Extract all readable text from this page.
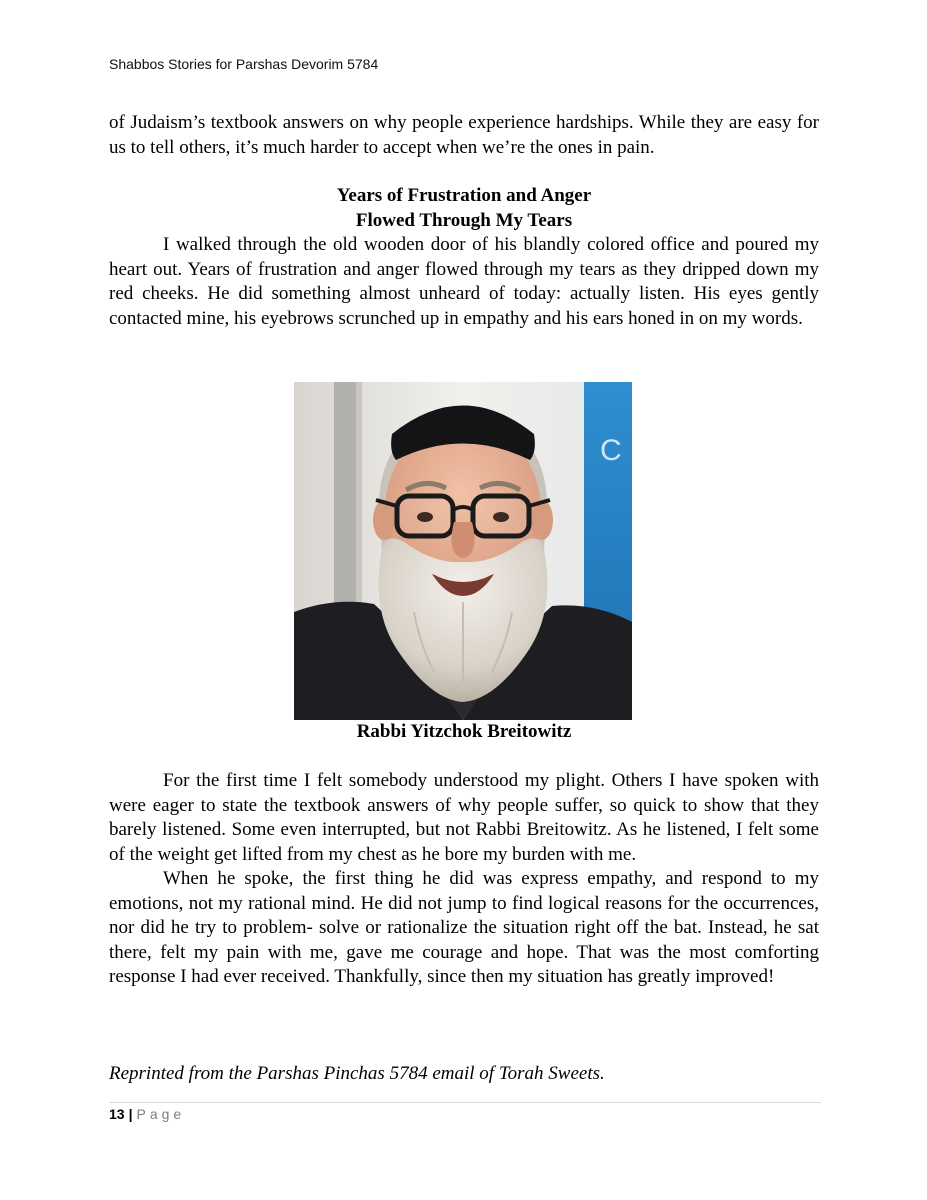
Shabbos Stories for Parshas Devorim 5784

of Judaism’s textbook answers on why people experience hardships. While they are easy for us to tell others, it’s much harder to accept when we’re the ones in pain.

Years of Frustration and Anger
Flowed Through My Tears

I walked through the old wooden door of his blandly colored office and poured my heart out. Years of frustration and anger flowed through my tears as they dripped down my red cheeks. He did something almost unheard of today: actually listen. His eyes gently contacted mine, his eyebrows scrunched up in empathy and his ears honed in on my words.

C
Rabbi Yitzchok Breitowitz

For the first time I felt somebody understood my plight. Others I have spoken with were eager to state the textbook answers of why people suffer, so quick to show that they barely listened. Some even interrupted, but not Rabbi Breitowitz. As he listened, I felt some of the weight get lifted from my chest as he bore my burden with me.

When he spoke, the first thing he did was express empathy, and respond to my emotions, not my rational mind. He did not jump to find logical reasons for the occurrences, nor did he try to problem- solve or rationalize the situation right off the bat. Instead, he sat there, felt my pain with me, gave me courage and hope. That was the most comforting response I had ever received. Thankfully, since then my situation has greatly improved!

Reprinted from the Parshas Pinchas 5784 email of Torah Sweets.
13 | Page
